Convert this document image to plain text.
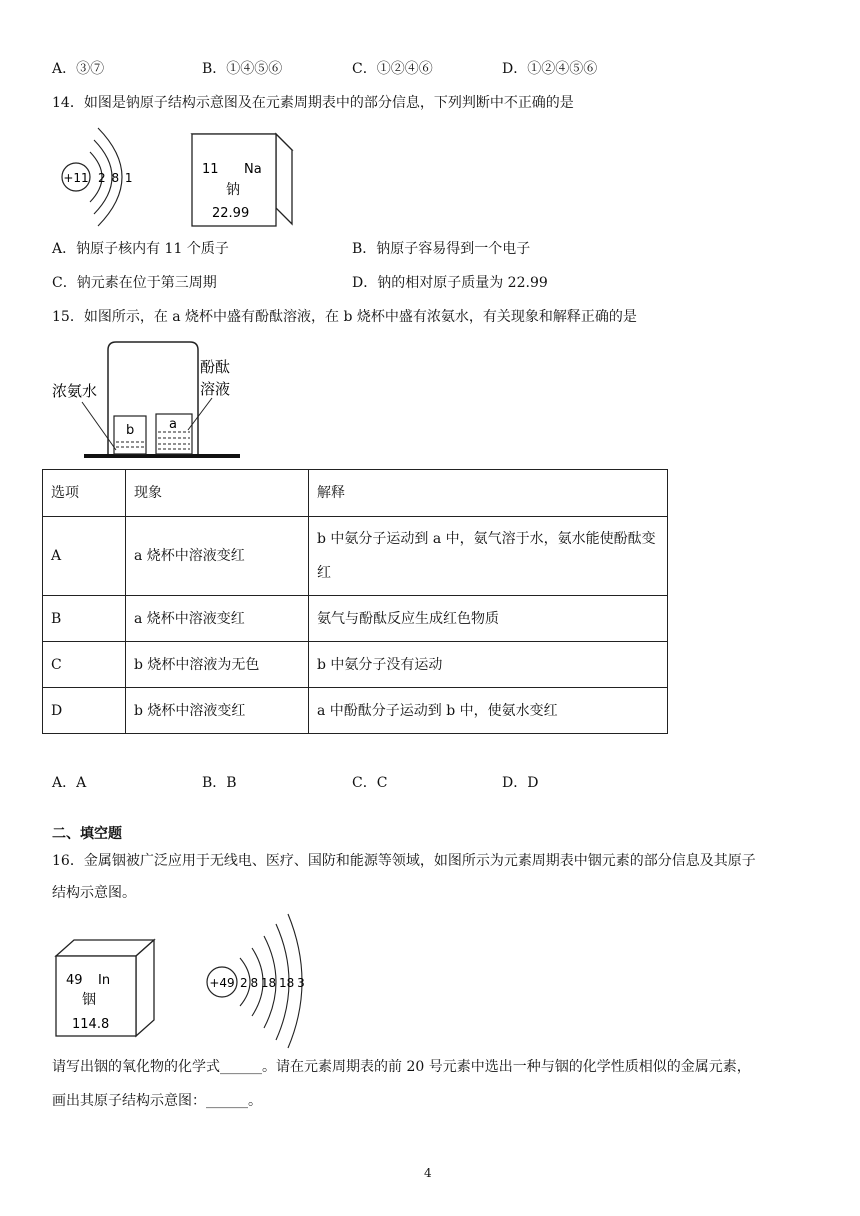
A．③⑦	B．①④⑤⑥	C．①②④⑥	D．①②④⑤⑥
14．如图是钠原子结构示意图及在元素周期表中的部分信息，下列判断中不正确的是
+11 2 8 1
11 Na
钠
22.99
A．钠原子核内有 11 个质子	B．钠原子容易得到一个电子
C．钠元素在位于第三周期	D．钠的相对原子质量为 22.99
15．如图所示，在 a 烧杯中盛有酚酞溶液，在 b 烧杯中盛有浓氨水，有关现象和解释正确的是
b	a
浓氨水
酚酞
溶液
选项	现象	解释
A	a 烧杯中溶液变红	b 中氨分子运动到 a 中，氨气溶于水，氨水能使酚酞变红
B	a 烧杯中溶液变红	氨气与酚酞反应生成红色物质
C	b 烧杯中溶液为无色	b 中氨分子没有运动
D	b 烧杯中溶液变红	a 中酚酞分子运动到 b 中，使氨水变红
A．A	B．B	C．C	D．D
二、填空题
16．金属铟被广泛应用于无线电、医疗、国防和能源等领域，如图所示为元素周期表中铟元素的部分信息及其原子
结构示意图。
49 In
铟
114.8
+49 2 8 18 18 3
请写出铟的氧化物的化学式______。请在元素周期表的前 20 号元素中选出一种与铟的化学性质相似的金属元素，
画出其原子结构示意图：______。
4
